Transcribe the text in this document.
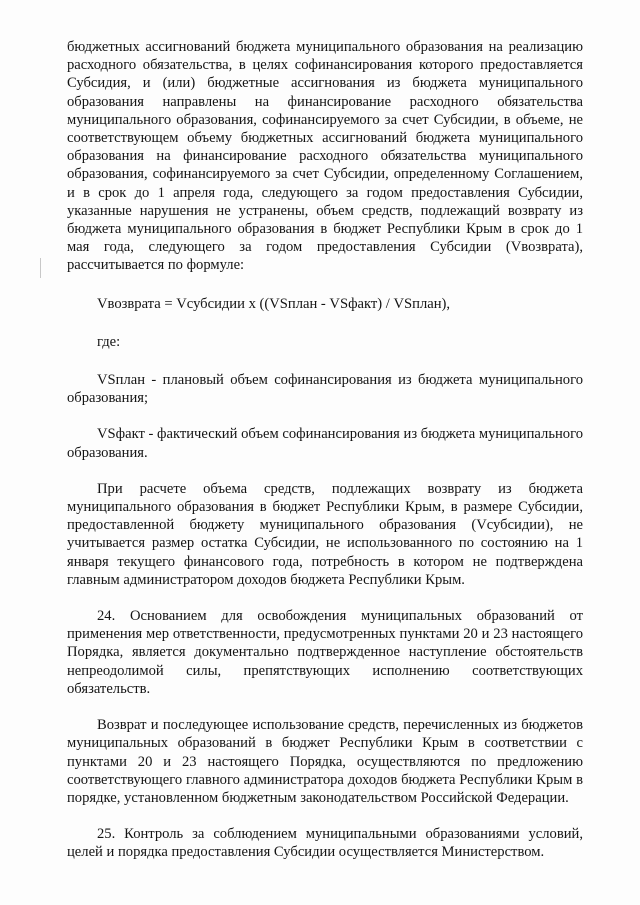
бюджетных ассигнований бюджета муниципального образования на реализацию расходного обязательства, в целях софинансирования которого предоставляется Субсидия, и (или) бюджетные ассигнования из бюджета муниципального образования направлены на финансирование расходного обязательства муниципального образования, софинансируемого за счет Субсидии, в объеме, не соответствующем объему бюджетных ассигнований бюджета муниципального образования на финансирование расходного обязательства муниципального образования, софинансируемого за счет Субсидии, определенному Соглашением, и в срок до 1 апреля года, следующего за годом предоставления Субсидии, указанные нарушения не устранены, объем средств, подлежащий возврату из бюджета муниципального образования в бюджет Республики Крым в срок до 1 мая года, следующего за годом предоставления Субсидии (Vвозврата), рассчитывается по формуле:

Vвозврата = Vсубсидии х ((VSплан - VSфакт) / VSплан),

где:

VSплан - плановый объем софинансирования из бюджета муниципального образования;

VSфакт - фактический объем софинансирования из бюджета муниципального образования.

При расчете объема средств, подлежащих возврату из бюджета муниципального образования в бюджет Республики Крым, в размере Субсидии, предоставленной бюджету муниципального образования (Vсубсидии), не учитывается размер остатка Субсидии, не использованного по состоянию на 1 января текущего финансового года, потребность в котором не подтверждена главным администратором доходов бюджета Республики Крым.

24. Основанием для освобождения муниципальных образований от применения мер ответственности, предусмотренных пунктами 20 и 23 настоящего Порядка, является документально подтвержденное наступление обстоятельств непреодолимой силы, препятствующих исполнению соответствующих обязательств.

Возврат и последующее использование средств, перечисленных из бюджетов муниципальных образований в бюджет Республики Крым в соответствии с пунктами 20 и 23 настоящего Порядка, осуществляются по предложению соответствующего главного администратора доходов бюджета Республики Крым в порядке, установленном бюджетным законодательством Российской Федерации.

25. Контроль за соблюдением муниципальными образованиями условий, целей и порядка предоставления Субсидии осуществляется Министерством.
